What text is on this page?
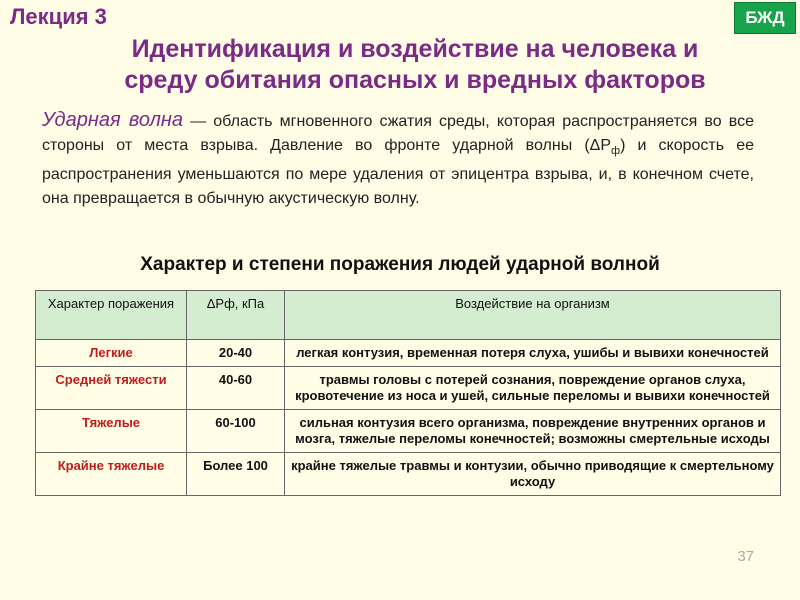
Лекция 3	БЖД
Идентификация и воздействие на человека и
среду обитания опасных и вредных факторов
Ударная волна — область мгновенного сжатия среды, которая распространяется во все стороны от места взрыва. Давление во фронте ударной волны $(\Delta Р_ф)$ и скорость ее распространения уменьшаются по мере удаления от эпицентра взрыва, и, в конечном счете, она превращается в обычную акустическую волну.
Характер и степени поражения людей ударной волной
Характер поражения	ΔРф, кПа	Воздействие на организм
Легкие	20-40	легкая контузия, временная потеря слуха, ушибы и вывихи конечностей
Средней тяжести	40-60	травмы головы с потерей сознания, повреждение органов слуха, кровотечение из носа и ушей, сильные переломы и вывихи конечностей
Тяжелые	60-100	сильная контузия всего организма, повреждение внутренних органов и мозга, тяжелые переломы конечностей; возможны смертельные исходы
Крайне тяжелые	Более 100	крайне тяжелые травмы и контузии, обычно приводящие к смертельному исходу
37
